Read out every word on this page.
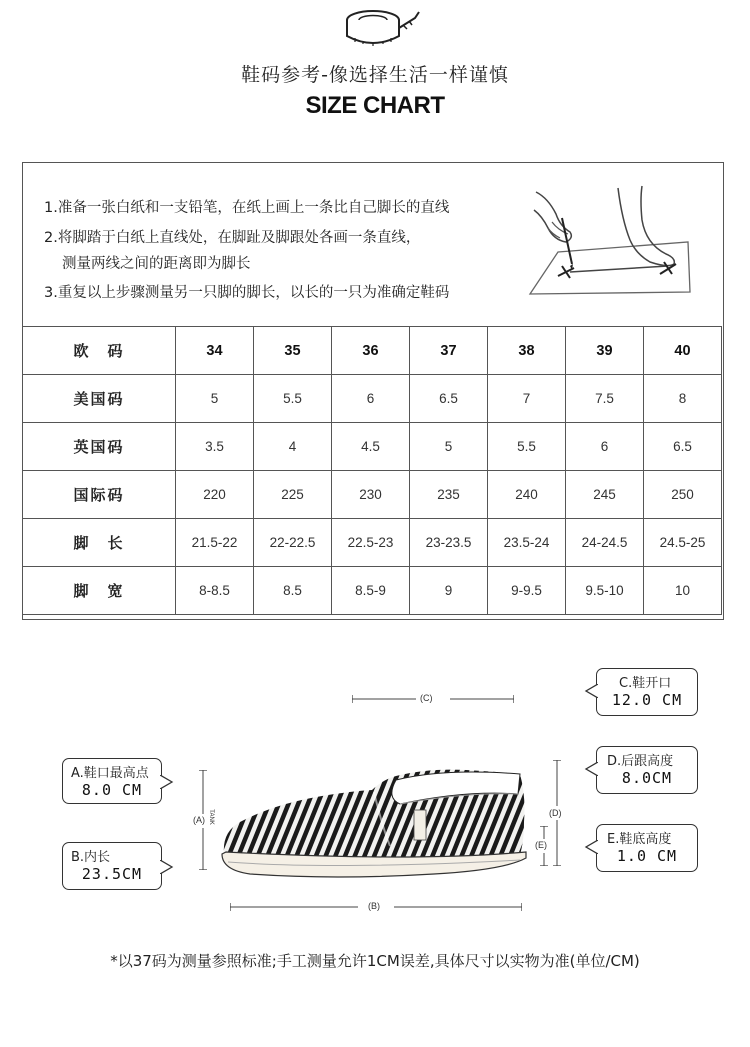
鞋码参考-像选择生活一样谨慎
SIZE CHART
1.准备一张白纸和一支铅笔，在纸上画上一条比自己脚长的直线
2.将脚踏于白纸上直线处，在脚趾及脚跟处各画一条直线，
测量两线之间的距离即为脚长
3.重复以上步骤测量另一只脚的脚长，以长的一只为准确定鞋码
欧　码	34	35	36	37	38	39	40
美国码	5	5.5	6	6.5	7	7.5	8
英国码	3.5	4	4.5	5	5.5	6	6.5
国际码	220	225	230	235	240	245	250
脚　长	21.5-22	22-22.5	22.5-23	23-23.5	23.5-24	24-24.5	24.5-25
脚　宽	8-8.5	8.5	8.5-9	9	9-9.5	9.5-10	10
A.鞋口最高点
8.0 CM
B.内长
23.5CM
C.鞋开口
12.0 CM
D.后跟高度
8.0CM
E.鞋底高度
1.0 CM
(C)
(A)
(D)
(E)
(B)
TANK
*以37码为测量参照标准;手工测量允许1CM误差,具体尺寸以实物为准(单位/CM)
